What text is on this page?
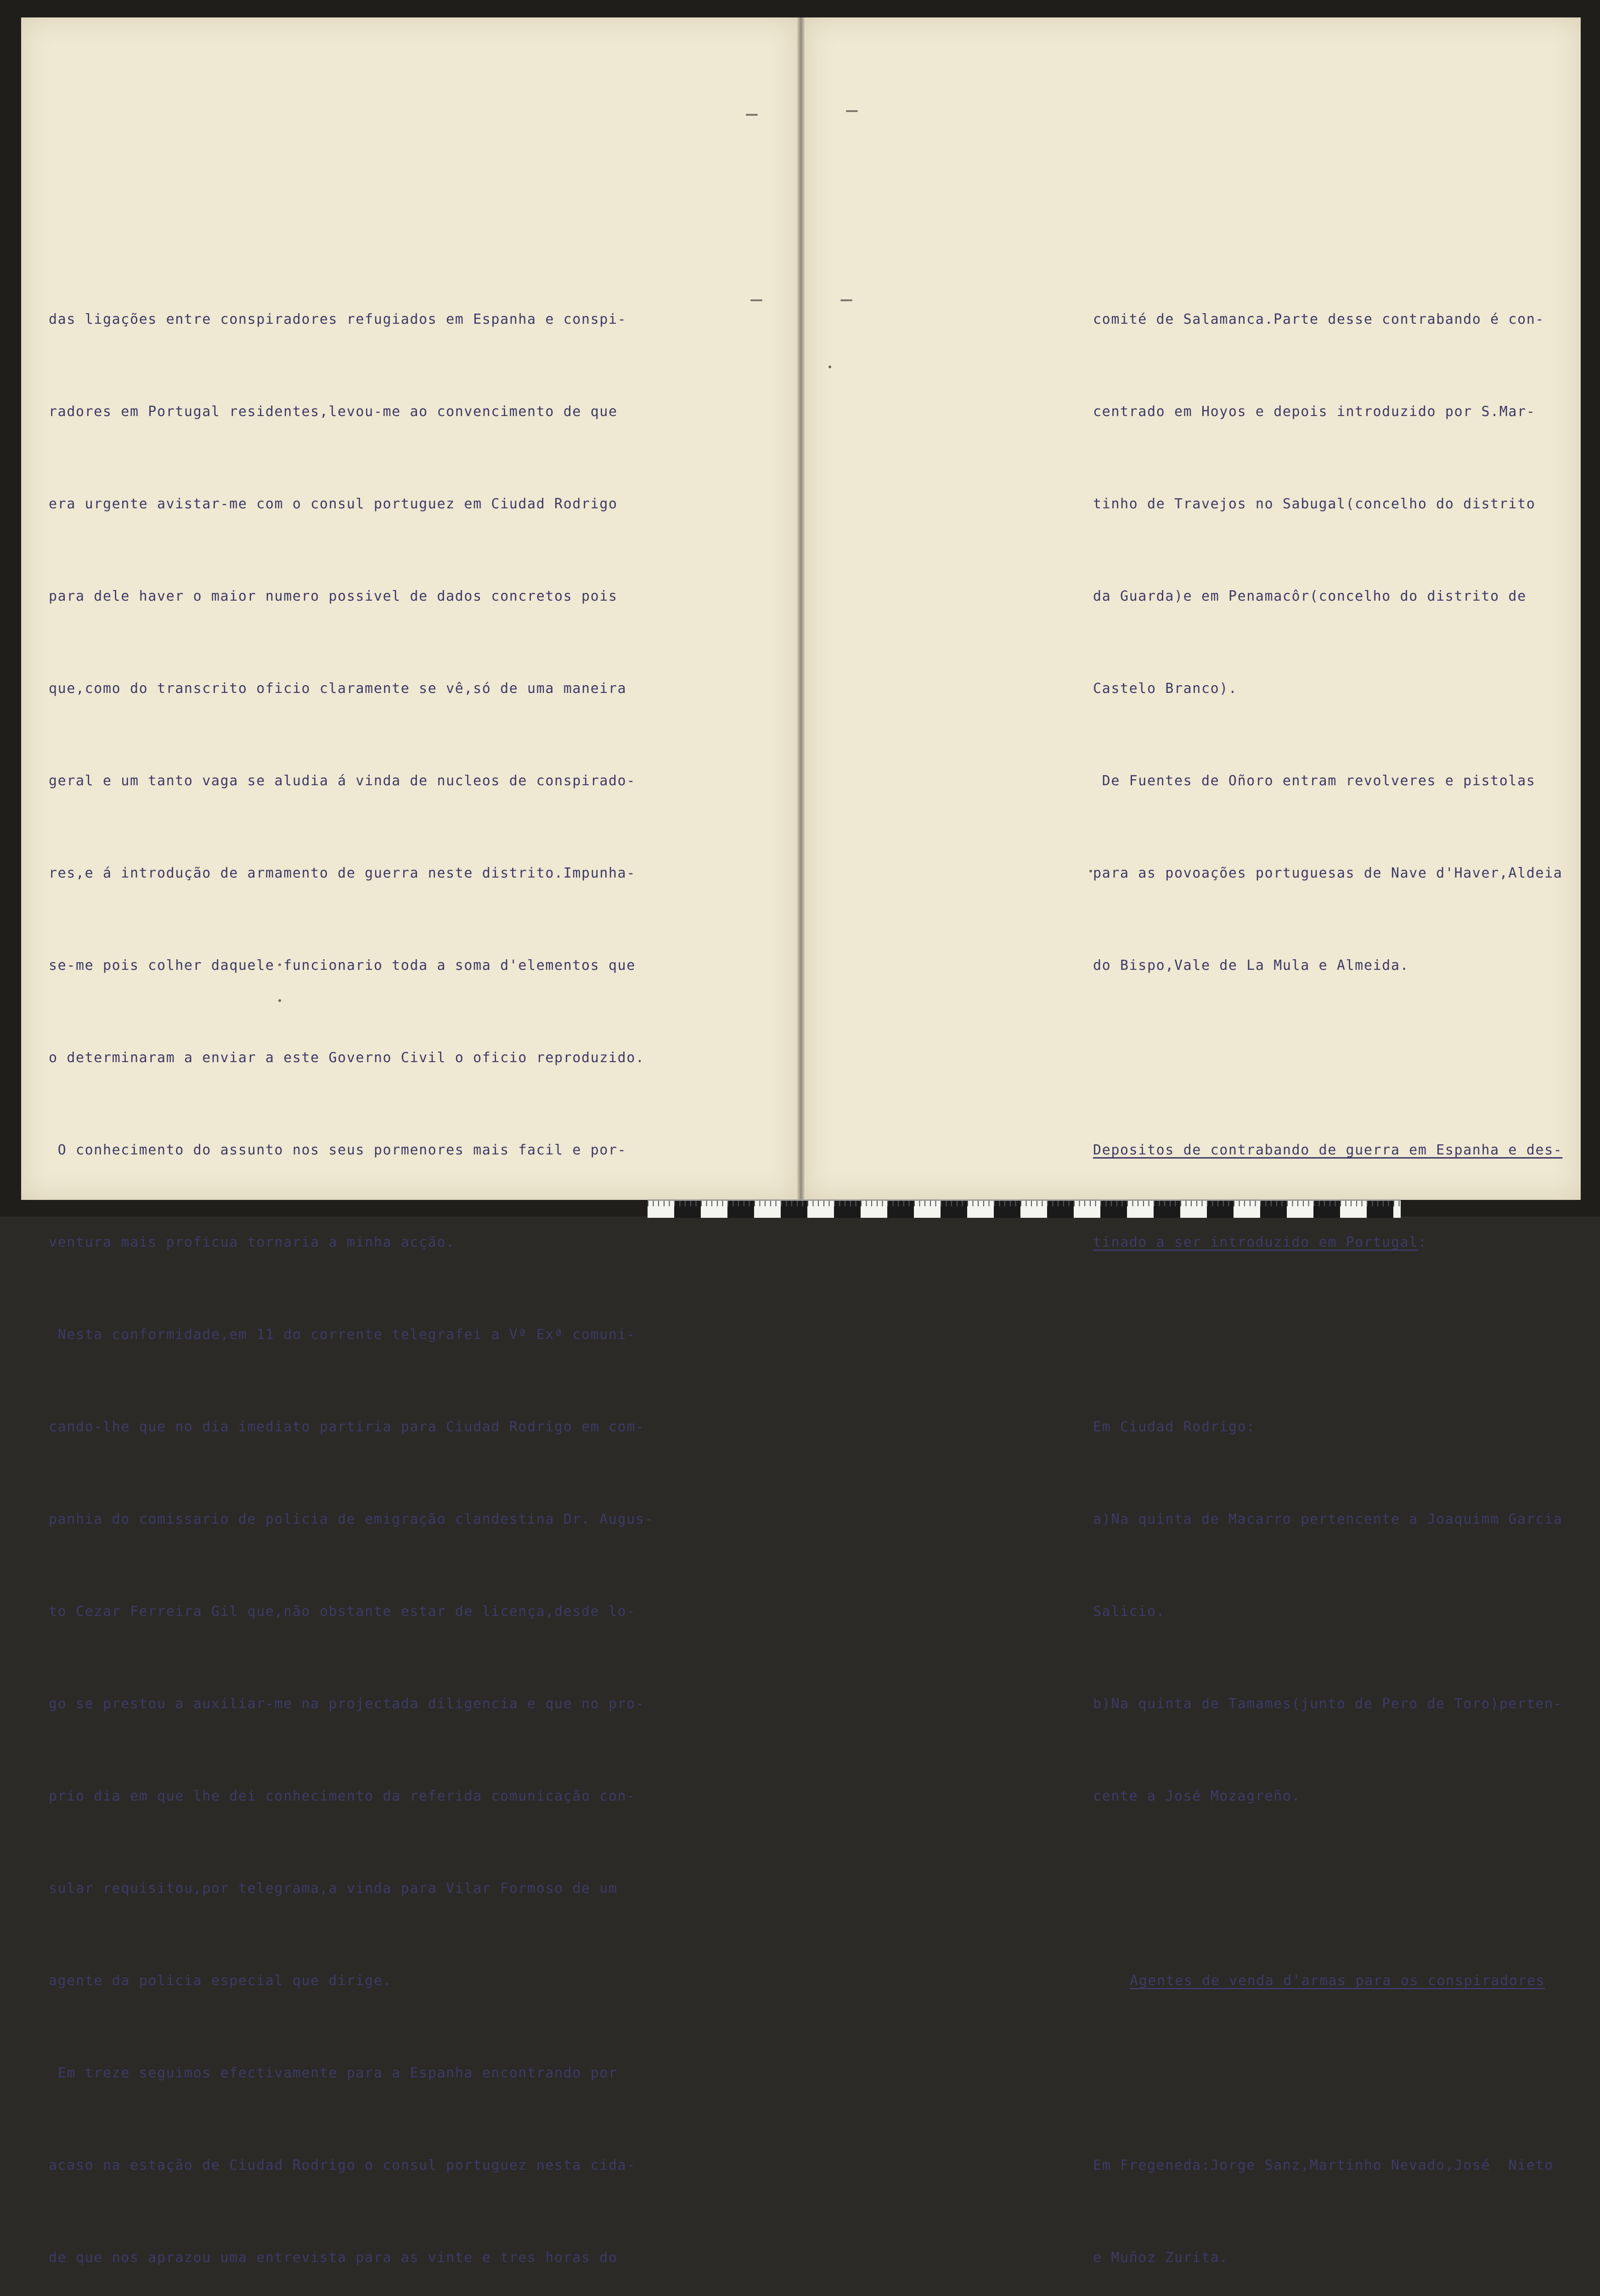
das ligações entre conspiradores refugiados em Espanha e conspi-

radores em Portugal residentes,levou-me ao convencimento de que

era urgente avistar-me com o consul portuguez em Ciudad Rodrigo

para dele haver o maior numero possivel de dados concretos pois

que,como do transcrito oficio claramente se vê,só de uma maneira

geral e um tanto vaga se aludia á vinda de nucleos de conspirado-

res,e á introdução de armamento de guerra neste distrito.Impunha-

se-me pois colher daquele funcionario toda a soma d'elementos que

o determinaram a enviar a este Governo Civil o oficio reproduzido.

O conhecimento do assunto nos seus pormenores mais facil e por-

ventura mais proficua tornaria a minha acção.

Nesta conformidade,em 11 do corrente telegrafei a Vª Exª comuni-

cando-lhe que no dia imediato partiria para Ciudad Rodrigo em com-

panhia do comissario de policia de emigração clandestina Dr. Augus-

to Cezar Ferreira Gil que,não obstante estar de licença,desde lo-

go se prestou a auxiliar-me na projectada diligencia e que no pro-

prio dia em que lhe dei conhecimento da referida comunicação con-

sular requisitou,por telegrama,a vinda para Vilar Formoso de um

agente da policia especial que dirige.

Em treze seguimos efectivamente para a Espanha encontrando por

acaso na estação de Ciudad Rodrigo o consul portuguez nesta cida-

de que nos aprazou uma entrevista para as vinte e tres horas do

comité de Salamanca.Parte desse contrabando é con-

centrado em Hoyos e depois introduzido por S.Mar-

tinho de Travejos no Sabugal(concelho do distrito

da Guarda)e em Penamacôr(concelho do distrito de

Castelo Branco).

De Fuentes de Oñoro entram revolveres e pistolas

para as povoações portuguesas de Nave d'Haver,Aldeia

do Bispo,Vale de La Mula e Almeida.

Depositos de contrabando de guerra em Espanha e des-

tinado a ser introduzido em Portugal:

Em Ciudad Rodrigo:

a)Na quinta de Macarro pertencente a Joaquimm Garcia

Salicio.

b)Na quinta de Tamames(junto de Pero de Toro)perten-

cente a José Mozagreño.

Agentes de venda d'armas para os conspiradores

Em Fregeneda:Jorge Sanz,Martinho Nevado,José  Nieto

e Muñoz Zurita.
